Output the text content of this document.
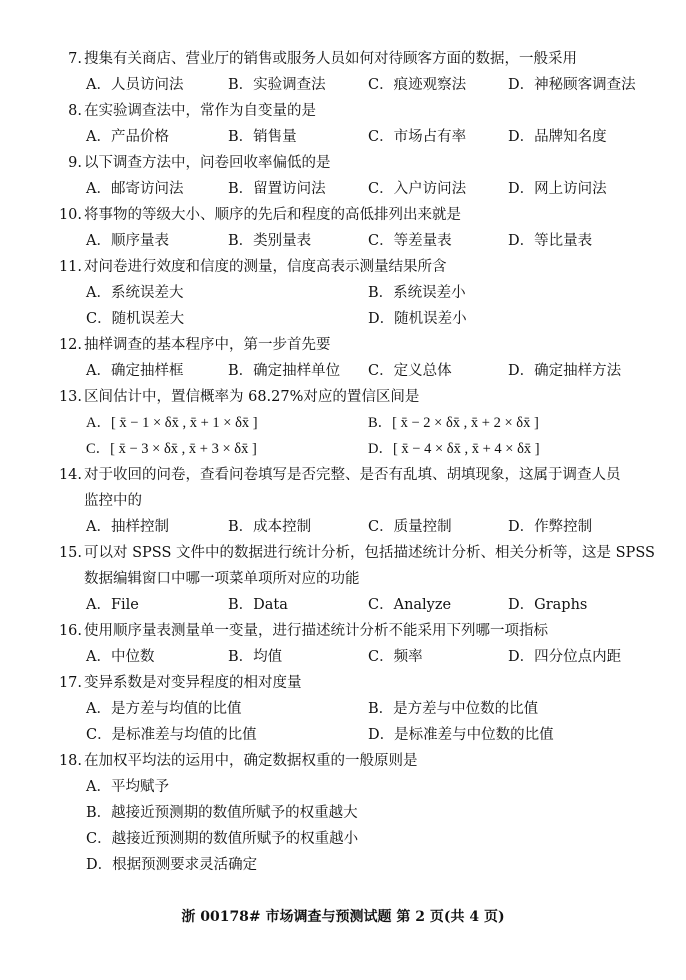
7. 搜集有关商店、营业厅的销售或服务人员如何对待顾客方面的数据，一般采用
A．人员访问法	B．实验调查法	C．痕迹观察法	D．神秘顾客调查法
8. 在实验调查法中，常作为自变量的是
A．产品价格	B．销售量	C．市场占有率	D．品牌知名度
9. 以下调查方法中，问卷回收率偏低的是
A．邮寄访问法	B．留置访问法	C．入户访问法	D．网上访问法
10. 将事物的等级大小、顺序的先后和程度的高低排列出来就是
A．顺序量表	B．类别量表	C．等差量表	D．等比量表
11. 对问卷进行效度和信度的测量，信度高表示测量结果所含
A．系统误差大	B．系统误差小
C．随机误差大	D．随机误差小
12. 抽样调查的基本程序中，第一步首先要
A．确定抽样框	B．确定抽样单位 C．定义总体	D．确定抽样方法
13. 区间估计中，置信概率为 68.27%对应的置信区间是
A．[ x̄ − 1 × δx̄ , x̄ + 1 × δx̄ ]	B．[ x̄ − 2 × δx̄ , x̄ + 2 × δx̄ ]
C．[ x̄ − 3 × δx̄ , x̄ + 3 × δx̄ ]	D．[ x̄ − 4 × δx̄ , x̄ + 4 × δx̄ ]
14. 对于收回的问卷，查看问卷填写是否完整、是否有乱填、胡填现象，这属于调查人员
监控中的
A．抽样控制	B．成本控制	C．质量控制	D．作弊控制
15. 可以对 SPSS 文件中的数据进行统计分析，包括描述统计分析、相关分析等，这是 SPSS
数据编辑窗口中哪一项菜单项所对应的功能
A．File	B．Data	C．Analyze	D．Graphs
16. 使用顺序量表测量单一变量，进行描述统计分析不能采用下列哪一项指标
A．中位数	B．均值	C．频率	D．四分位点内距
17. 变异系数是对变异程度的相对度量
A．是方差与均值的比值	B．是方差与中位数的比值
C．是标准差与均值的比值	D．是标准差与中位数的比值
18. 在加权平均法的运用中，确定数据权重的一般原则是
A．平均赋予
B．越接近预测期的数值所赋予的权重越大
C．越接近预测期的数值所赋予的权重越小
D．根据预测要求灵活确定
浙 00178# 市场调查与预测试题 第 2 页(共 4 页)
